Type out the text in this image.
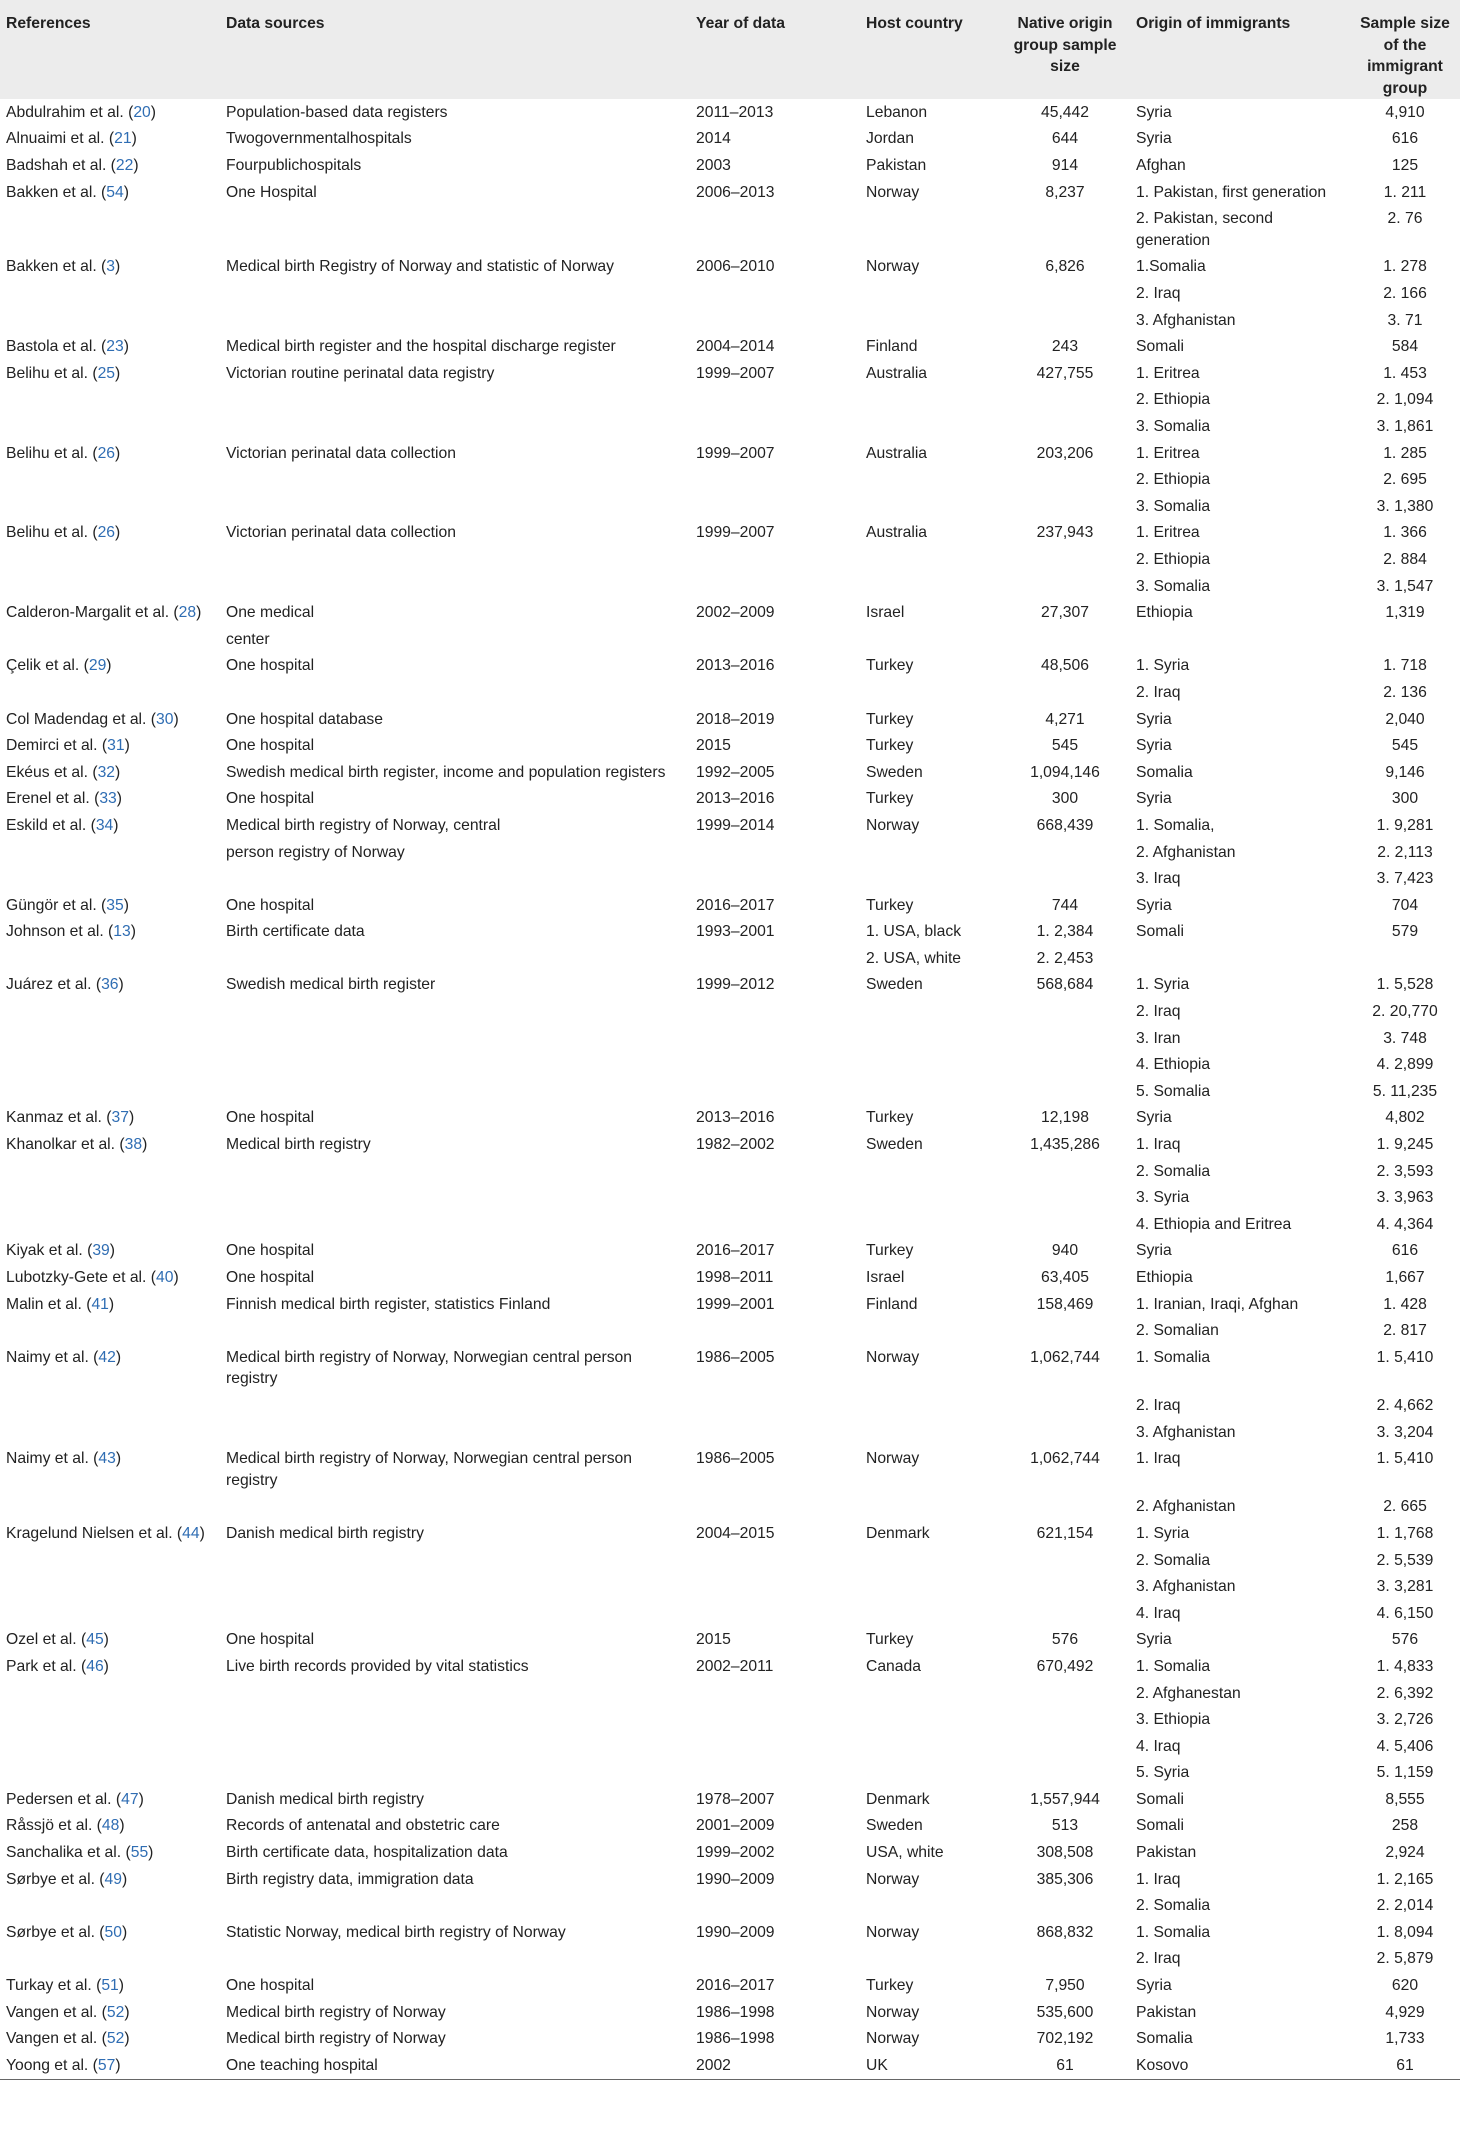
References	Data sources	Year of data	Host country	Native origin group sample size	Origin of immigrants	Sample size of the immigrant group
Abdulrahim et al. (20)	Population-based data registers	2011–2013	Lebanon	45,442	Syria	4,910
Alnuaimi et al. (21)	Twogovernmentalhospitals	2014	Jordan	644	Syria	616
Badshah et al. (22)	Fourpublichospitals	2003	Pakistan	914	Afghan	125
Bakken et al. (54)	One Hospital	2006–2013	Norway	8,237	1. Pakistan, first generation	1. 211
					2. Pakistan, second generation	2. 76
Bakken et al. (3)	Medical birth Registry of Norway and statistic of Norway	2006–2010	Norway	6,826	1.Somalia	1. 278
					2. Iraq	2. 166
					3. Afghanistan	3. 71
Bastola et al. (23)	Medical birth register and the hospital discharge register	2004–2014	Finland	243	Somali	584
Belihu et al. (25)	Victorian routine perinatal data registry	1999–2007	Australia	427,755	1. Eritrea	1. 453
					2. Ethiopia	2. 1,094
					3. Somalia	3. 1,861
Belihu et al. (26)	Victorian perinatal data collection	1999–2007	Australia	203,206	1. Eritrea	1. 285
					2. Ethiopia	2. 695
					3. Somalia	3. 1,380
Belihu et al. (26)	Victorian perinatal data collection	1999–2007	Australia	237,943	1. Eritrea	1. 366
					2. Ethiopia	2. 884
					3. Somalia	3. 1,547
Calderon-Margalit et al. (28)	One medical	2002–2009	Israel	27,307	Ethiopia	1,319
	center					
Çelik et al. (29)	One hospital	2013–2016	Turkey	48,506	1. Syria	1. 718
					2. Iraq	2. 136
Col Madendag et al. (30)	One hospital database	2018–2019	Turkey	4,271	Syria	2,040
Demirci et al. (31)	One hospital	2015	Turkey	545	Syria	545
Ekéus et al. (32)	Swedish medical birth register, income and population registers	1992–2005	Sweden	1,094,146	Somalia	9,146
Erenel et al. (33)	One hospital	2013–2016	Turkey	300	Syria	300
Eskild et al. (34)	Medical birth registry of Norway, central	1999–2014	Norway	668,439	1. Somalia,	1. 9,281
	person registry of Norway				2. Afghanistan	2. 2,113
					3. Iraq	3. 7,423
Güngör et al. (35)	One hospital	2016–2017	Turkey	744	Syria	704
Johnson et al. (13)	Birth certificate data	1993–2001	1. USA, black	1. 2,384	Somali	579
			2. USA, white	2. 2,453		
Juárez et al. (36)	Swedish medical birth register	1999–2012	Sweden	568,684	1. Syria	1. 5,528
					2. Iraq	2. 20,770
					3. Iran	3. 748
					4. Ethiopia	4. 2,899
					5. Somalia	5. 11,235
Kanmaz et al. (37)	One hospital	2013–2016	Turkey	12,198	Syria	4,802
Khanolkar et al. (38)	Medical birth registry	1982–2002	Sweden	1,435,286	1. Iraq	1. 9,245
					2. Somalia	2. 3,593
					3. Syria	3. 3,963
					4. Ethiopia and Eritrea	4. 4,364
Kiyak et al. (39)	One hospital	2016–2017	Turkey	940	Syria	616
Lubotzky-Gete et al. (40)	One hospital	1998–2011	Israel	63,405	Ethiopia	1,667
Malin et al. (41)	Finnish medical birth register, statistics Finland	1999–2001	Finland	158,469	1. Iranian, Iraqi, Afghan	1. 428
					2. Somalian	2. 817
Naimy et al. (42)	Medical birth registry of Norway, Norwegian central person registry	1986–2005	Norway	1,062,744	1. Somalia	1. 5,410
					2. Iraq	2. 4,662
					3. Afghanistan	3. 3,204
Naimy et al. (43)	Medical birth registry of Norway, Norwegian central person registry	1986–2005	Norway	1,062,744	1. Iraq	1. 5,410
					2. Afghanistan	2. 665
Kragelund Nielsen et al. (44)	Danish medical birth registry	2004–2015	Denmark	621,154	1. Syria	1. 1,768
					2. Somalia	2. 5,539
					3. Afghanistan	3. 3,281
					4. Iraq	4. 6,150
Ozel et al. (45)	One hospital	2015	Turkey	576	Syria	576
Park et al. (46)	Live birth records provided by vital statistics	2002–2011	Canada	670,492	1. Somalia	1. 4,833
					2. Afghanestan	2. 6,392
					3. Ethiopia	3. 2,726
					4. Iraq	4. 5,406
					5. Syria	5. 1,159
Pedersen et al. (47)	Danish medical birth registry	1978–2007	Denmark	1,557,944	Somali	8,555
Råssjö et al. (48)	Records of antenatal and obstetric care	2001–2009	Sweden	513	Somali	258
Sanchalika et al. (55)	Birth certificate data, hospitalization data	1999–2002	USA, white	308,508	Pakistan	2,924
Sørbye et al. (49)	Birth registry data, immigration data	1990–2009	Norway	385,306	1. Iraq	1. 2,165
					2. Somalia	2. 2,014
Sørbye et al. (50)	Statistic Norway, medical birth registry of Norway	1990–2009	Norway	868,832	1. Somalia	1. 8,094
					2. Iraq	2. 5,879
Turkay et al. (51)	One hospital	2016–2017	Turkey	7,950	Syria	620
Vangen et al. (52)	Medical birth registry of Norway	1986–1998	Norway	535,600	Pakistan	4,929
Vangen et al. (52)	Medical birth registry of Norway	1986–1998	Norway	702,192	Somalia	1,733
Yoong et al. (57)	One teaching hospital	2002	UK	61	Kosovo	61
